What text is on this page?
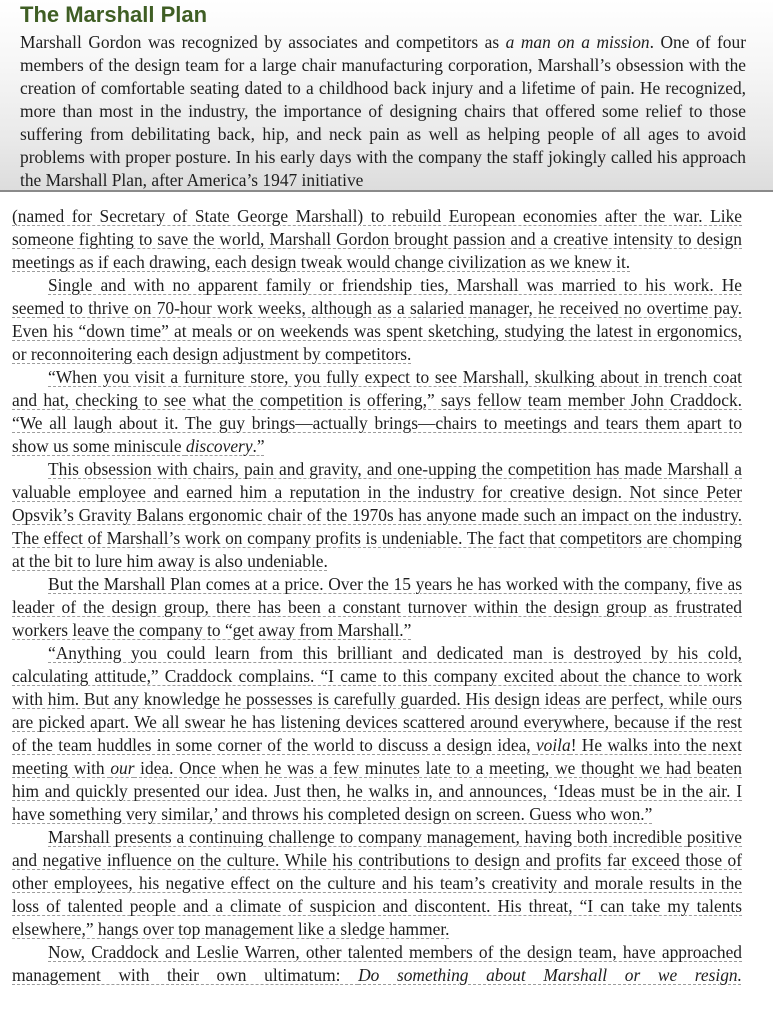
The Marshall Plan

Marshall Gordon was recognized by associates and competitors as a man on a mission. One of four members of the design team for a large chair manufacturing corporation, Marshall’s obsession with the creation of comfortable seating dated to a childhood back injury and a lifetime of pain. He recognized, more than most in the industry, the importance of designing chairs that offered some relief to those suffering from debilitating back, hip, and neck pain as well as helping people of all ages to avoid problems with proper posture. In his early days with the company the staff jokingly called his approach the Marshall Plan, after America’s 1947 initiative

(named for Secretary of State George Marshall) to rebuild European economies after the war. Like someone fighting to save the world, Marshall Gordon brought passion and a creative intensity to design meetings as if each drawing, each design tweak would change civilization as we knew it.

Single and with no apparent family or friendship ties, Marshall was married to his work. He seemed to thrive on 70-hour work weeks, although as a salaried manager, he received no overtime pay. Even his “down time” at meals or on weekends was spent sketching, studying the latest in ergonomics, or reconnoitering each design adjustment by competitors.

“When you visit a furniture store, you fully expect to see Marshall, skulking about in trench coat and hat, checking to see what the competition is offering,” says fellow team member John Craddock. “We all laugh about it. The guy brings—actually brings—chairs to meetings and tears them apart to show us some miniscule discovery.”

This obsession with chairs, pain and gravity, and one-upping the competition has made Marshall a valuable employee and earned him a reputation in the industry for creative design. Not since Peter Opsvik’s Gravity Balans ergonomic chair of the 1970s has anyone made such an impact on the industry. The effect of Marshall’s work on company profits is undeniable. The fact that competitors are chomping at the bit to lure him away is also undeniable.

But the Marshall Plan comes at a price. Over the 15 years he has worked with the company, five as leader of the design group, there has been a constant turnover within the design group as frustrated workers leave the company to “get away from Marshall.”

“Anything you could learn from this brilliant and dedicated man is destroyed by his cold, calculating attitude,” Craddock complains. “I came to this company excited about the chance to work with him. But any knowledge he possesses is carefully guarded. His design ideas are perfect, while ours are picked apart. We all swear he has listening devices scattered around everywhere, because if the rest of the team huddles in some corner of the world to discuss a design idea, voila! He walks into the next meeting with our idea. Once when he was a few minutes late to a meeting, we thought we had beaten him and quickly presented our idea. Just then, he walks in, and announces, ‘Ideas must be in the air. I have something very similar,’ and throws his completed design on screen. Guess who won.”

Marshall presents a continuing challenge to company management, having both incredible positive and negative influence on the culture. While his contributions to design and profits far exceed those of other employees, his negative effect on the culture and his team’s creativity and morale results in the loss of talented people and a climate of suspicion and discontent. His threat, “I can take my talents elsewhere,” hangs over top management like a sledge hammer.

Now, Craddock and Leslie Warren, other talented members of the design team, have approached management with their own ultimatum: Do something about Marshall or we resign.
